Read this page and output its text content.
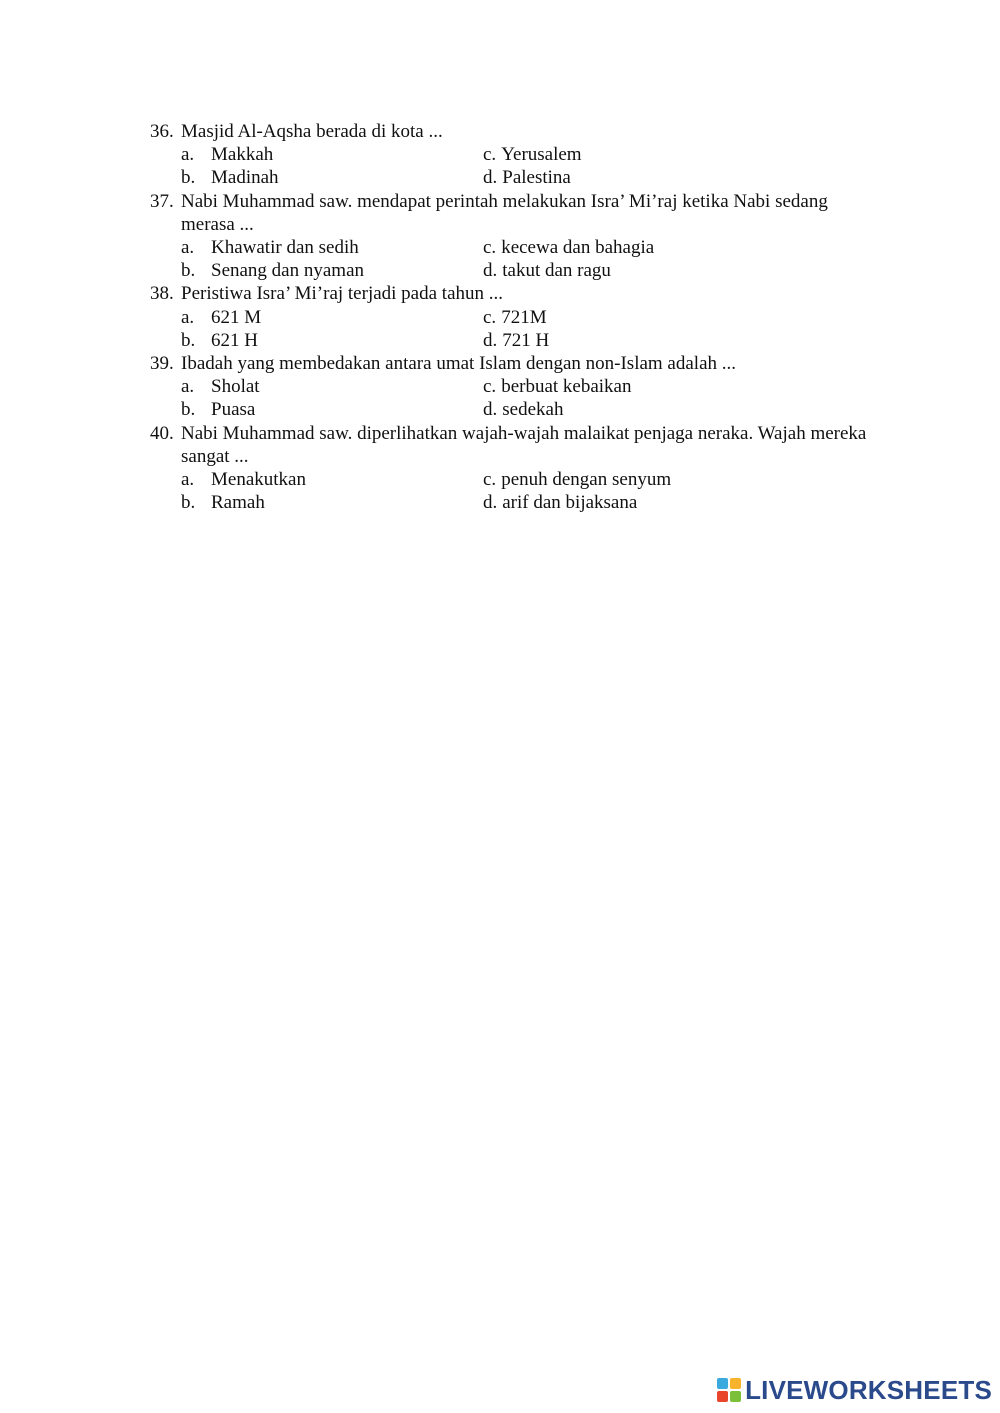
36. Masjid Al-Aqsha berada di kota ...
a. Makkah	c. Yerusalem
b. Madinah	d. Palestina
37. Nabi Muhammad saw. mendapat perintah melakukan Isra’ Mi’raj ketika Nabi sedang merasa ...
a. Khawatir dan sedih	c. kecewa dan bahagia
b. Senang dan nyaman	d. takut dan ragu
38. Peristiwa Isra’ Mi’raj terjadi pada tahun ...
a. 621 M	c. 721M
b. 621 H	d. 721 H
39. Ibadah yang membedakan antara umat Islam dengan non-Islam adalah ...
a. Sholat	c. berbuat kebaikan
b. Puasa	d. sedekah
40. Nabi Muhammad saw. diperlihatkan wajah-wajah malaikat penjaga neraka. Wajah mereka sangat ...
a. Menakutkan	c. penuh dengan senyum
b. Ramah	d. arif dan bijaksana
LIVEWORKSHEETS
